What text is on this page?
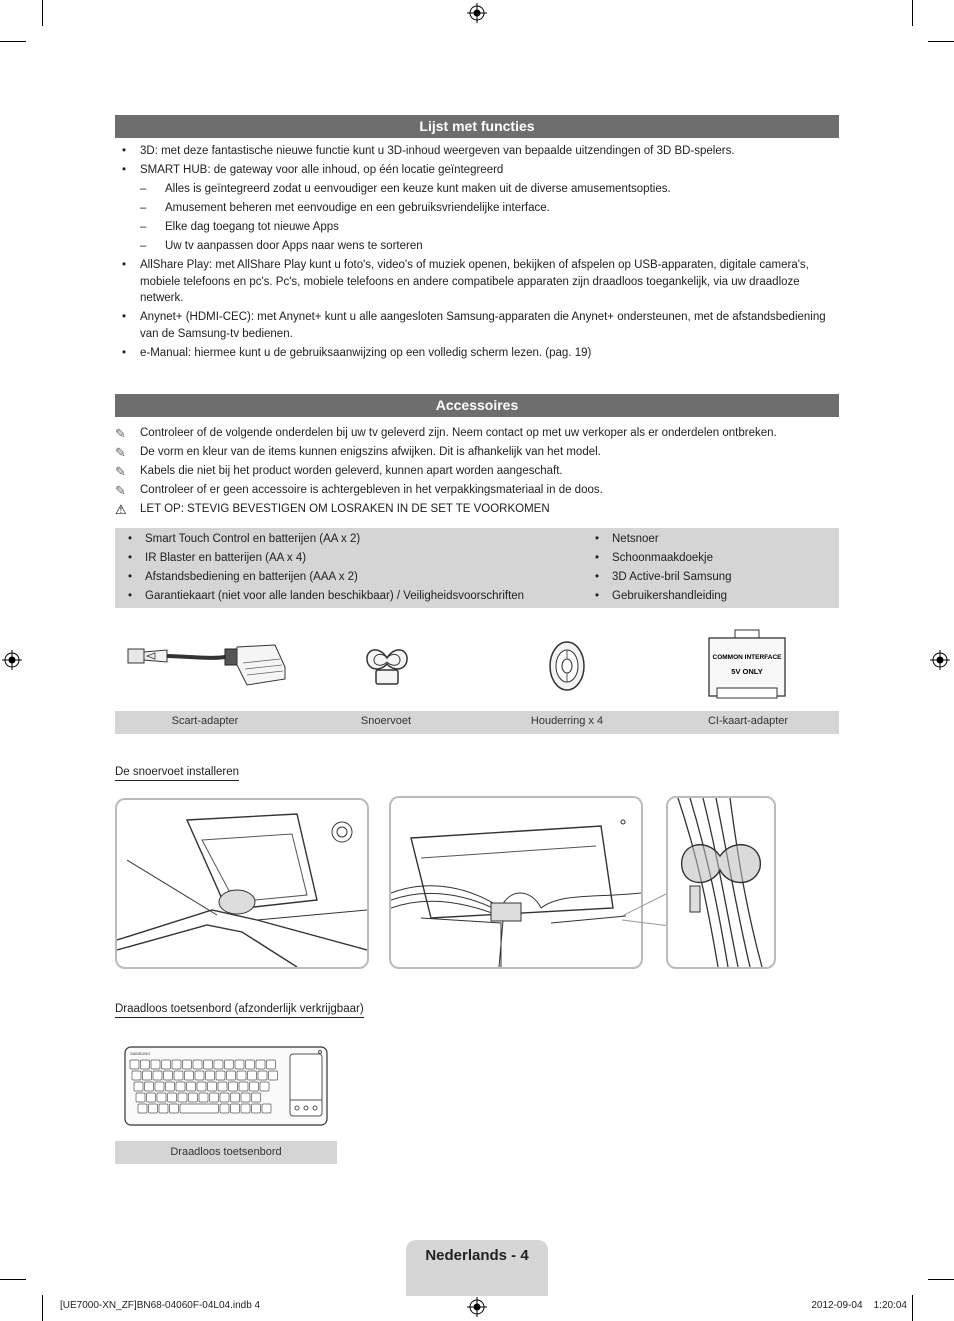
Lijst met functies
• 3D: met deze fantastische nieuwe functie kunt u 3D-inhoud weergeven van bepaalde uitzendingen of 3D BD-spelers.
• SMART HUB: de gateway voor alle inhoud, op één locatie geïntegreerd
– Alles is geïntegreerd zodat u eenvoudiger een keuze kunt maken uit de diverse amusementsopties.
– Amusement beheren met eenvoudige en een gebruiksvriendelijke interface.
– Elke dag toegang tot nieuwe Apps
– Uw tv aanpassen door Apps naar wens te sorteren
• AllShare Play: met AllShare Play kunt u foto's, video's of muziek openen, bekijken of afspelen op USB-apparaten, digitale camera's, mobiele telefoons en pc's. Pc's, mobiele telefoons en andere compatibele apparaten zijn draadloos toegankelijk, via uw draadloze netwerk.
• Anynet+ (HDMI-CEC): met Anynet+ kunt u alle aangesloten Samsung-apparaten die Anynet+ ondersteunen, met de afstandsbediening van de Samsung-tv bedienen.
• e-Manual: hiermee kunt u de gebruiksaanwijzing op een volledig scherm lezen. (pag. 19)
Accessoires
✎	Controleer of de volgende onderdelen bij uw tv geleverd zijn. Neem contact op met uw verkoper als er onderdelen ontbreken.
✎	De vorm en kleur van de items kunnen enigszins afwijken. Dit is afhankelijk van het model.
✎	Kabels die niet bij het product worden geleverd, kunnen apart worden aangeschaft.
✎	Controleer of er geen accessoire is achtergebleven in het verpakkingsmateriaal in de doos.
⚠	LET OP: STEVIG BEVESTIGEN OM LOSRAKEN IN DE SET TE VOORKOMEN
• Smart Touch Control en batterijen (AA x 2)
• IR Blaster en batterijen (AA x 4)
• Afstandsbediening en batterijen (AAA x 2)
• Garantiekaart (niet voor alle landen beschikbaar) / Veiligheidsvoorschriften
• Netsnoer
• Schoonmaakdoekje
• 3D Active-bril Samsung
• Gebruikershandleiding
COMMON INTERFACE
5V ONLY
Scart-adapter	Snoervoet	Houderring x 4	CI-kaart-adapter
De snoervoet installeren
Draadloos toetsenbord (afzonderlijk verkrijgbaar)
SAMSUNG
Draadloos toetsenbord
Nederlands - 4
[UE7000-XN_ZF]BN68-04060F-04L04.indb 4	2012-09-04    1:20:04
